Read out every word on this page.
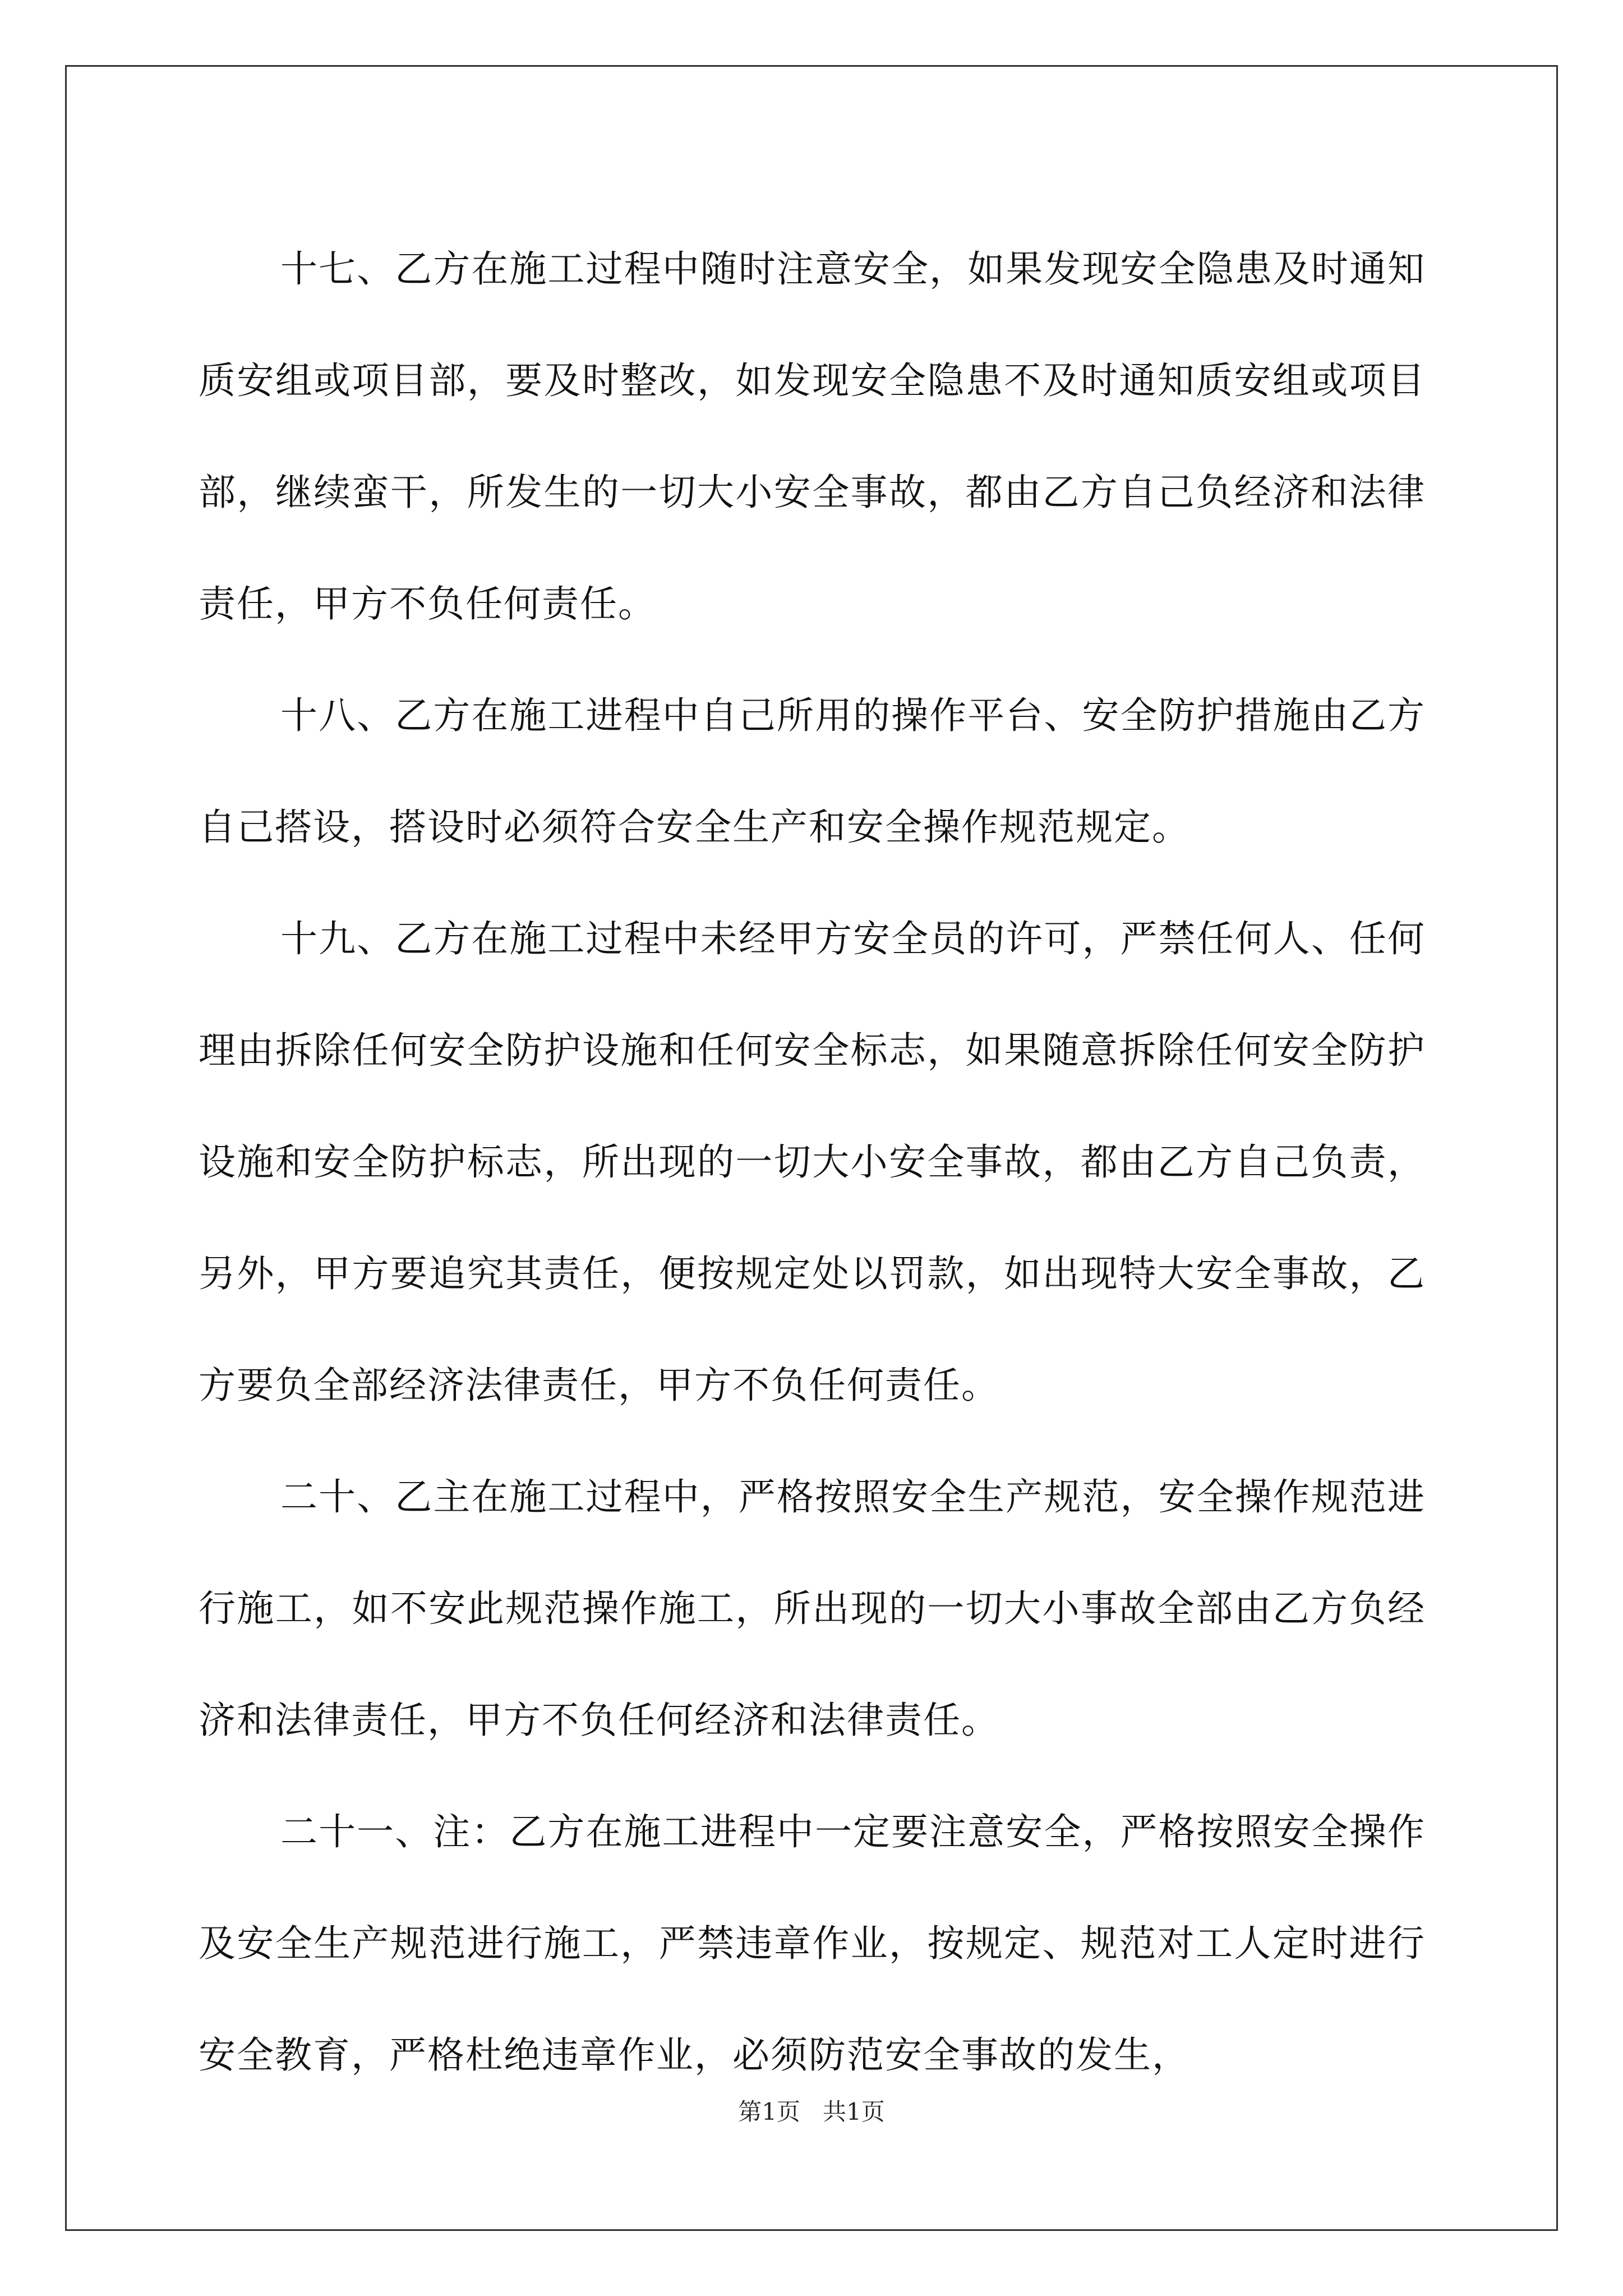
十七、乙方在施工过程中随时注意安全，如果发现安全隐患及时通知质安组或项目部，要及时整改，如发现安全隐患不及时通知质安组或项目部，继续蛮干，所发生的一切大小安全事故，都由乙方自己负经济和法律责任，甲方不负任何责任。

十八、乙方在施工进程中自己所用的操作平台、安全防护措施由乙方自己搭设，搭设时必须符合安全生产和安全操作规范规定。

十九、乙方在施工过程中未经甲方安全员的许可，严禁任何人、任何理由拆除任何安全防护设施和任何安全标志，如果随意拆除任何安全防护设施和安全防护标志，所出现的一切大小安全事故，都由乙方自己负责，另外，甲方要追究其责任，便按规定处以罚款，如出现特大安全事故，乙方要负全部经济法律责任，甲方不负任何责任。

二十、乙主在施工过程中，严格按照安全生产规范，安全操作规范进行施工，如不安此规范操作施工，所出现的一切大小事故全部由乙方负经济和法律责任，甲方不负任何经济和法律责任。

二十一、注：乙方在施工进程中一定要注意安全，严格按照安全操作及安全生产规范进行施工，严禁违章作业，按规定、规范对工人定时进行安全教育，严格杜绝违章作业，必须防范安全事故的发生，

第1页 共1页
